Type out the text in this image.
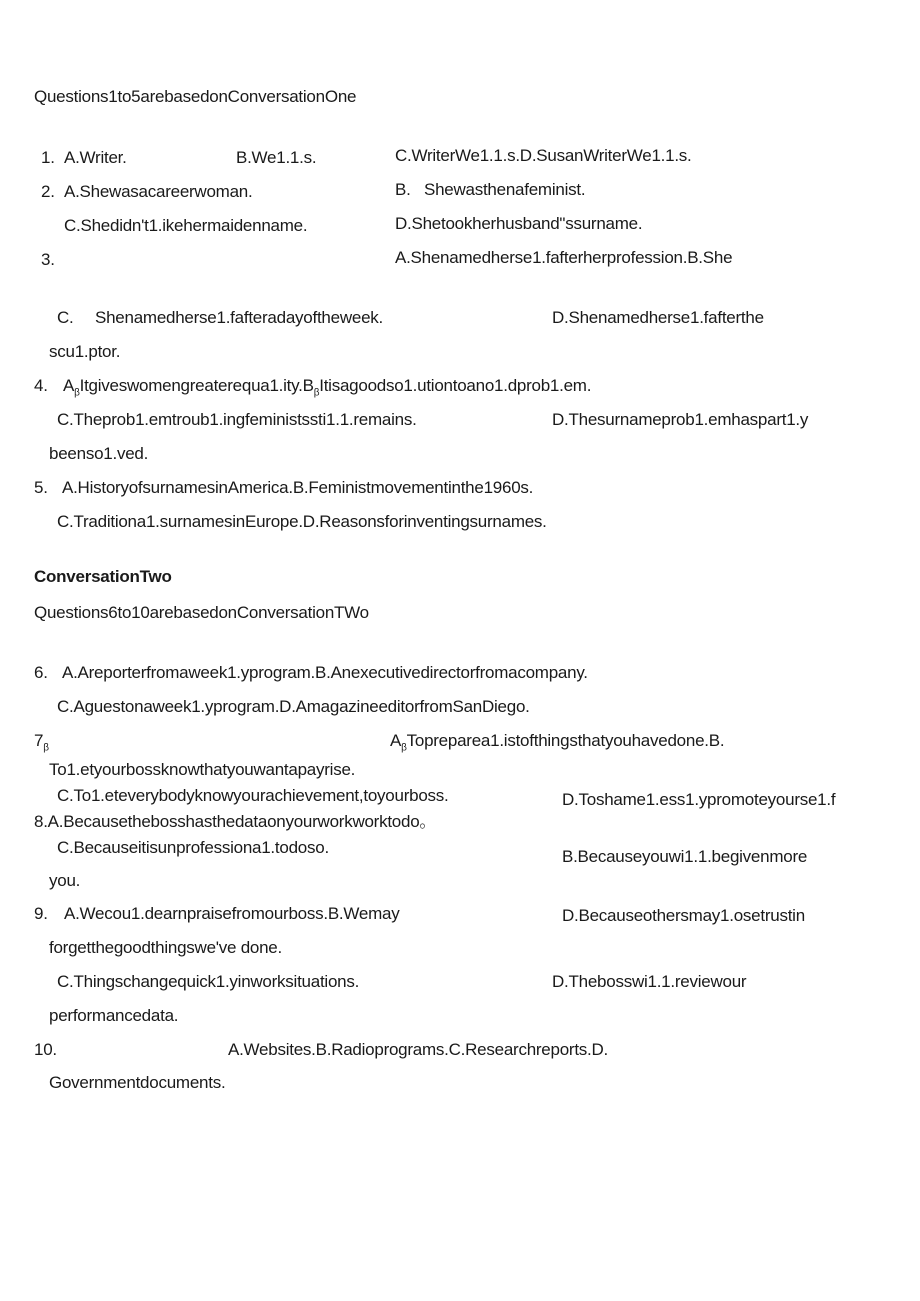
Questions1to5arebasedonConversationOne
1. A.Writer.	B.We1.1.s.	C.WriterWe1.1.s.D.SusanWriterWe1.1.s.
2. A.Shewasacareerwoman.	B.   Shewasthenafeminist.
C.Shedidn't1.ikehermaidenname.	D.Shetookherhusband"ssurname.
3.	A.Shenamedherse1.fafterherprofession.B.She
C. Shenamedherse1.fafteradayoftheweek.	D.Shenamedherse1.fafterthe
scu1.ptor.
4. $A_\beta Itgiveswomengreaterequa1.ity.B_\beta Itisagoodso1.utiontoano1.dprob1.em$.
C.Theprob1.emtroub1.ingfeministssti1.1.remains.	D.Thesurnameprob1.emhaspart1.y
beenso1.ved.
5. A.HistoryofsurnamesinAmerica.B.Feministmovementinthe1960s.
C.Traditiona1.surnamesinEurope.D.Reasonsforinventingsurnames.
ConversationTwo
Questions6to10arebasedonConversationTWo
6. A.Areporterfromaweek1.yprogram.B.Anexecutivedirectorfromacompany.
C.Aguestonaweek1.yprogram.D.AmagazineeditorfromSanDiego.
$7_\beta$	$A_\beta Topreparea1.istofthingsthatyouhavedone.B$.
To1.etyourbossknowthatyouwantapayrise.
C.To1.eteverybodyknowyourachievement,toyourboss.	D.Toshame1.ess1.ypromoteyourse1.f
8.A.Becausethebosshasthedataonyourworkworktodo。
C.Becauseitisunprofessiona1.todoso.	B.Becauseyouwi1.1.begivenmore
you.
9. A.Wecou1.dearnpraisefromourboss.B.Wemay	D.Becauseothersmay1.osetrustin
forgetthegoodthingswe've done.
C.Thingschangequick1.yinworksituations.	D.Thebosswi1.1.reviewour
performancedata.
10.	A.Websites.B.Radioprograms.C.Researchreports.D.
Governmentdocuments.
